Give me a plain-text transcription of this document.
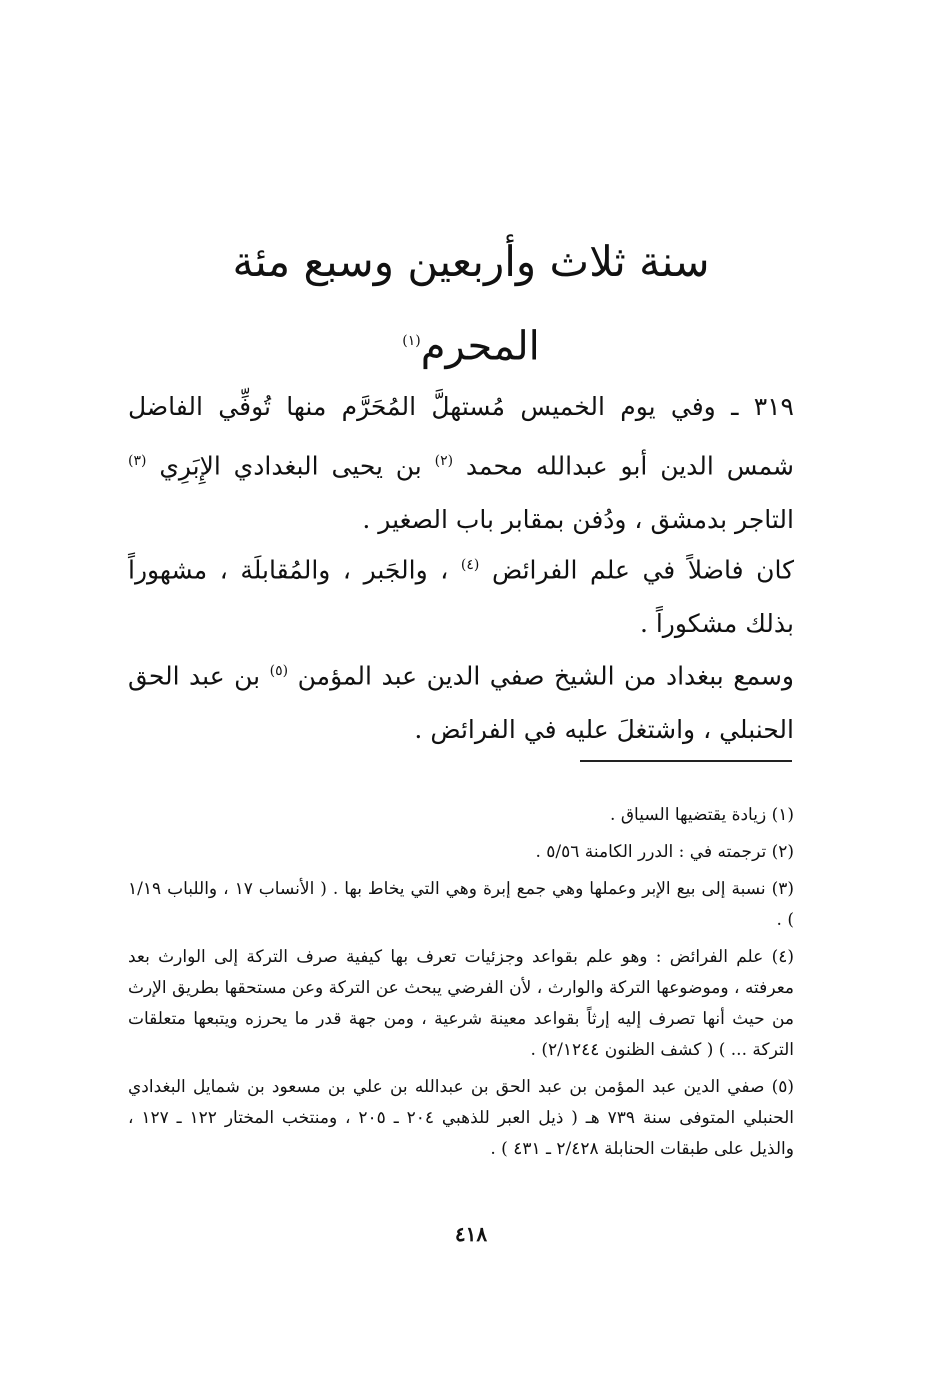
سنة ثلاث وأربعين وسبع مئة
المحرم$^{(١)}$
٣١٩ ـ وفي يوم الخميس مُستهلَّ المُحَرَّم منها تُوفِّي الفاضل شمس الدين أبو عبدالله محمد $^{(٢)}$ بن يحيى البغدادي الإِبَرِي $^{(٣)}$ التاجر بدمشق ، ودُفن بمقابر باب الصغير .
كان فاضلاً في علم الفرائض $^{(٤)}$ ، والجَبر ، والمُقابلَة ، مشهوراً بذلك مشكوراً .
وسمع ببغداد من الشيخ صفي الدين عبد المؤمن $^{(٥)}$ بن عبد الحق الحنبلي ، واشتغلَ عليه في الفرائض .
(١) زيادة يقتضيها السياق .
(٢) ترجمته في : الدرر الكامنة ٥/٥٦ .
(٣) نسبة إلى بيع الإبر وعملها وهي جمع إبرة وهي التي يخاط بها . ( الأنساب ١٧ ، واللباب ١/١٩ ) .
(٤) علم الفرائض : وهو علم بقواعد وجزئيات تعرف بها كيفية صرف التركة إلى الوارث بعد معرفته ، وموضوعها التركة والوارث ، لأن الفرضي يبحث عن التركة وعن مستحقها بطريق الإرث من حيث أنها تصرف إليه إرثاً بقواعد معينة شرعية ، ومن جهة قدر ما يحرزه ويتبعها متعلقات التركة ... ) ( كشف الظنون ٢/١٢٤٤) .
(٥) صفي الدين عبد المؤمن بن عبد الحق بن عبدالله بن علي بن مسعود بن شمايل البغدادي الحنبلي المتوفى سنة ٧٣٩ هـ ( ذيل العبر للذهبي ٢٠٤ ـ ٢٠٥ ، ومنتخب المختار ١٢٢ ـ ١٢٧ ، والذيل على طبقات الحنابلة ٢/٤٢٨ ـ ٤٣١ ) .
٤١٨
